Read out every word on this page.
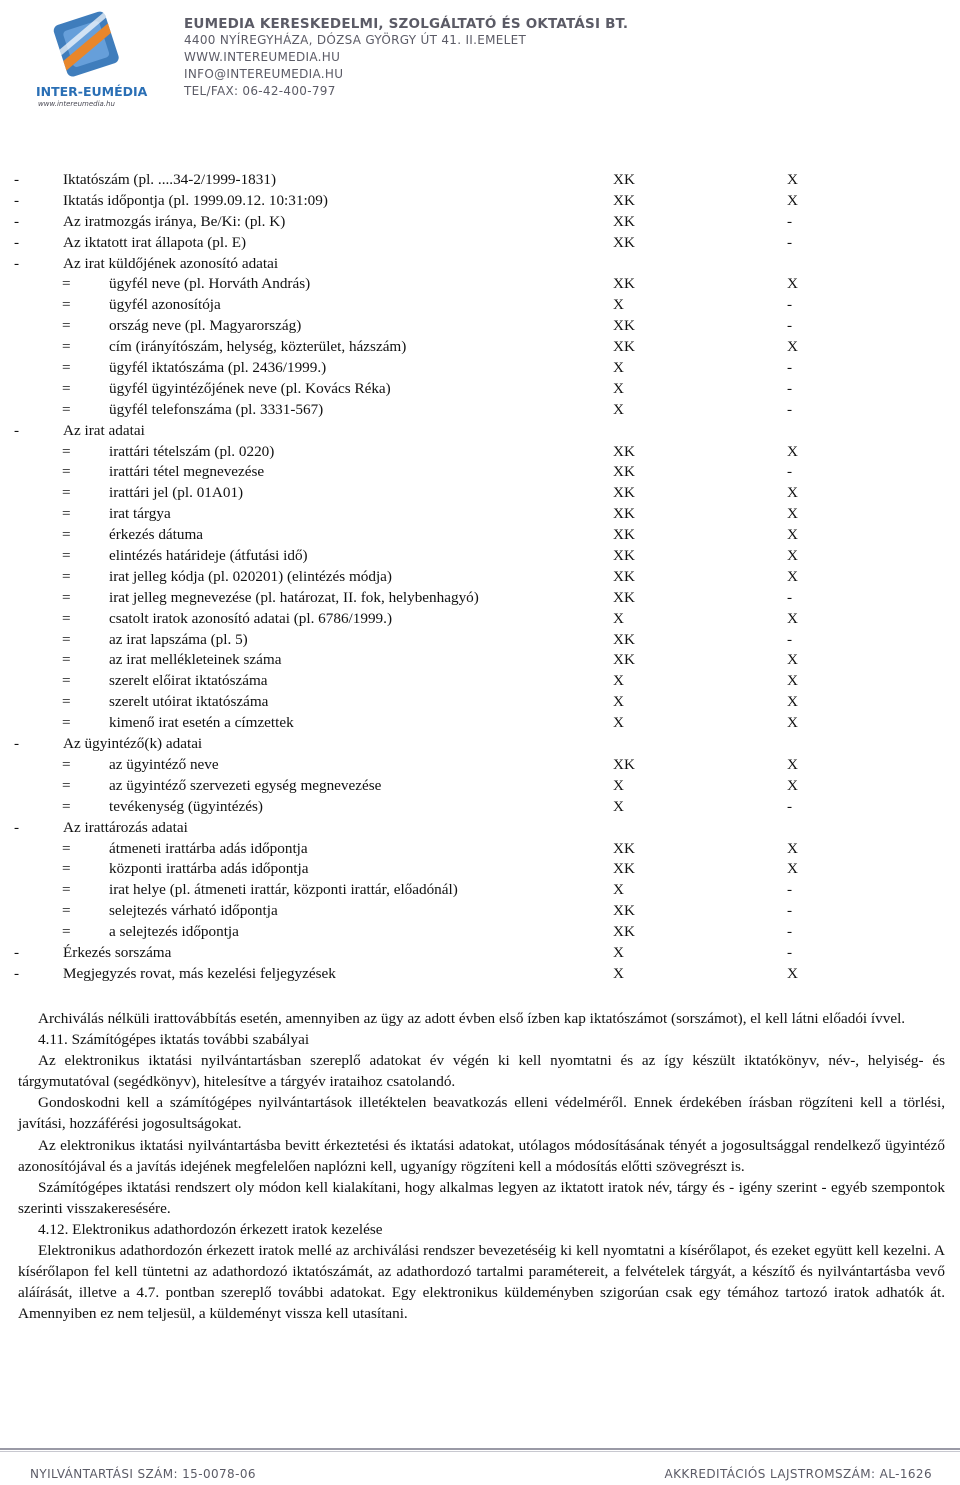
INTER-EUMÉDIA
www.intereumedia.hu
EUMEDIA KERESKEDELMI, SZOLGÁLTATÓ ÉS OKTATÁSI BT.
4400 NYÍREGYHÁZA, DÓZSA GYÖRGY ÚT 41. II.EMELET
WWW.INTEREUMEDIA.HU
INFO@INTEREUMEDIA.HU
TEL/FAX: 06-42-400-797
-	Iktatószám (pl. ....34-2/1999-1831)	XK	X
-	Iktatás időpontja (pl. 1999.09.12. 10:31:09)	XK	X
-	Az iratmozgás iránya, Be/Ki: (pl. K)	XK	-
-	Az iktatott irat állapota (pl. E)	XK	-
-	Az irat küldőjének azonosító adatai
=	ügyfél neve (pl. Horváth András)	XK	X
=	ügyfél azonosítója	X	-
=	ország neve (pl. Magyarország)	XK	-
=	cím (irányítószám, helység, közterület, házszám)	XK	X
=	ügyfél iktatószáma (pl. 2436/1999.)	X	-
=	ügyfél ügyintézőjének neve (pl. Kovács Réka)	X	-
=	ügyfél telefonszáma (pl. 3331-567)	X	-
-	Az irat adatai
=	irattári tételszám (pl. 0220)	XK	X
=	irattári tétel megnevezése	XK	-
=	irattári jel (pl. 01A01)	XK	X
=	irat tárgya	XK	X
=	érkezés dátuma	XK	X
=	elintézés határideje (átfutási idő)	XK	X
=	irat jelleg kódja (pl. 020201) (elintézés módja)	XK	X
=	irat jelleg megnevezése (pl. határozat, II. fok, helybenhagyó)	XK	-
=	csatolt iratok azonosító adatai (pl. 6786/1999.)	X	X
=	az irat lapszáma (pl. 5)	XK	-
=	az irat mellékleteinek száma	XK	X
=	szerelt előirat iktatószáma	X	X
=	szerelt utóirat iktatószáma	X	X
=	kimenő irat esetén a címzettek	X	X
-	Az ügyintéző(k) adatai
=	az ügyintéző neve	XK	X
=	az ügyintéző szervezeti egység megnevezése	X	X
=	tevékenység (ügyintézés)	X	-
-	Az irattározás adatai
=	átmeneti irattárba adás időpontja	XK	X
=	központi irattárba adás időpontja	XK	X
=	irat helye (pl. átmeneti irattár, központi irattár, előadónál)	X	-
=	selejtezés várható időpontja	XK	-
=	a selejtezés időpontja	XK	-
-	Érkezés sorszáma	X	-
-	Megjegyzés rovat, más kezelési feljegyzések	X	X

Archiválás nélküli irattovábbítás esetén, amennyiben az ügy az adott évben első ízben kap iktatószámot (sorszámot), el kell látni előadói ívvel.

4.11. Számítógépes iktatás további szabályai

Az elektronikus iktatási nyilvántartásban szereplő adatokat év végén ki kell nyomtatni és az így készült iktatókönyv, név-, helyiség- és tárgymutatóval (segédkönyv), hitelesítve a tárgyév irataihoz csatolandó.

Gondoskodni kell a számítógépes nyilvántartások illetéktelen beavatkozás elleni védelméről. Ennek érdekében írásban rögzíteni kell a törlési, javítási, hozzáférési jogosultságokat.

Az elektronikus iktatási nyilvántartásba bevitt érkeztetési és iktatási adatokat, utólagos módosításának tényét a jogosultsággal rendelkező ügyintéző azonosítójával és a javítás idejének megfelelően naplózni kell, ugyanígy rögzíteni kell a módosítás előtti szövegrészt is.

Számítógépes iktatási rendszert oly módon kell kialakítani, hogy alkalmas legyen az iktatott iratok név, tárgy és - igény szerint - egyéb szempontok szerinti visszakeresésére.

4.12. Elektronikus adathordozón érkezett iratok kezelése

Elektronikus adathordozón érkezett iratok mellé az archiválási rendszer bevezetéséig ki kell nyomtatni a kísérőlapot, és ezeket együtt kell kezelni. A kísérőlapon fel kell tüntetni az adathordozó iktatószámát, az adathordozó tartalmi paramétereit, a felvételek tárgyát, a készítő és nyilvántartásba vevő aláírását, illetve a 4.7. pontban szereplő további adatokat. Egy elektronikus küldeményben szigorúan csak egy témához tartozó iratok adhatók át. Amennyiben ez nem teljesül, a küldeményt vissza kell utasítani.

NYILVÁNTARTÁSI SZÁM: 15-0078-06	AKKREDITÁCIÓS LAJSTROMSZÁM: AL-1626
